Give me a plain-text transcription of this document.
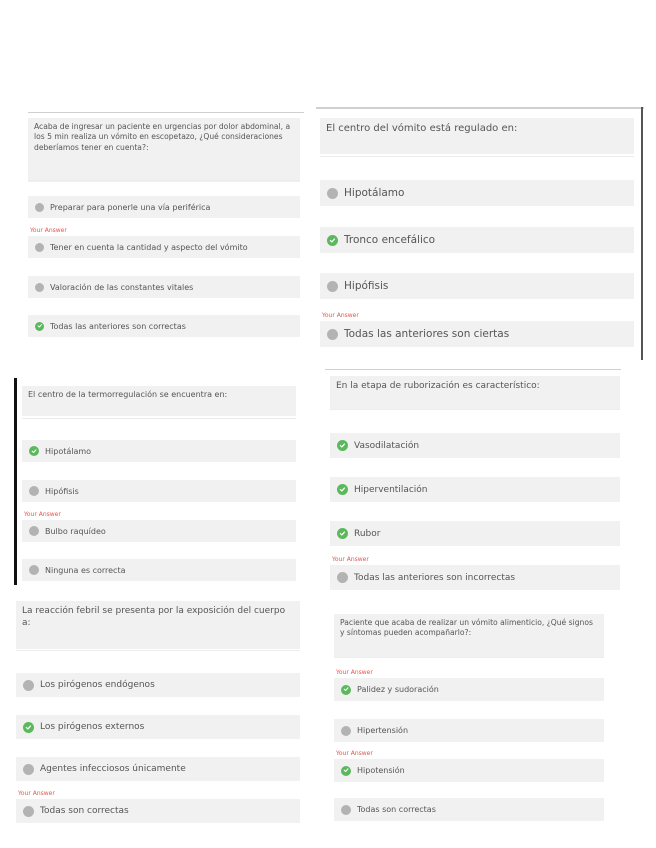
Acaba de ingresar un paciente en urgencias por dolor abdominal, a los 5 min realiza un vómito en escopetazo, ¿Qué consideraciones deberíamos tener en cuenta?:
Preparar para ponerle una vía periférica
Your Answer
Tener en cuenta la cantidad y aspecto del vómito
Valoración de las constantes vitales
Todas las anteriores son correctas
El centro del vómito está regulado en:
Hipotálamo
Tronco encefálico
Hipófisis
Your Answer
Todas las anteriores son ciertas
El centro de la termorregulación se encuentra en:
Hipotálamo
Hipófisis
Your Answer
Bulbo raquídeo
Ninguna es correcta
En la etapa de ruborización es característico:
Vasodilatación
Hiperventilación
Rubor
Your Answer
Todas las anteriores son incorrectas
La reacción febril se presenta por la exposición del cuerpo a:
Los pirógenos endógenos
Los pirógenos externos
Agentes infecciosos únicamente
Your Answer
Todas son correctas
Paciente que acaba de realizar un vómito alimenticio, ¿Qué signos y síntomas pueden acompañarlo?:
Your Answer
Palidez y sudoración
Hipertensión
Your Answer
Hipotensión
Todas son correctas
